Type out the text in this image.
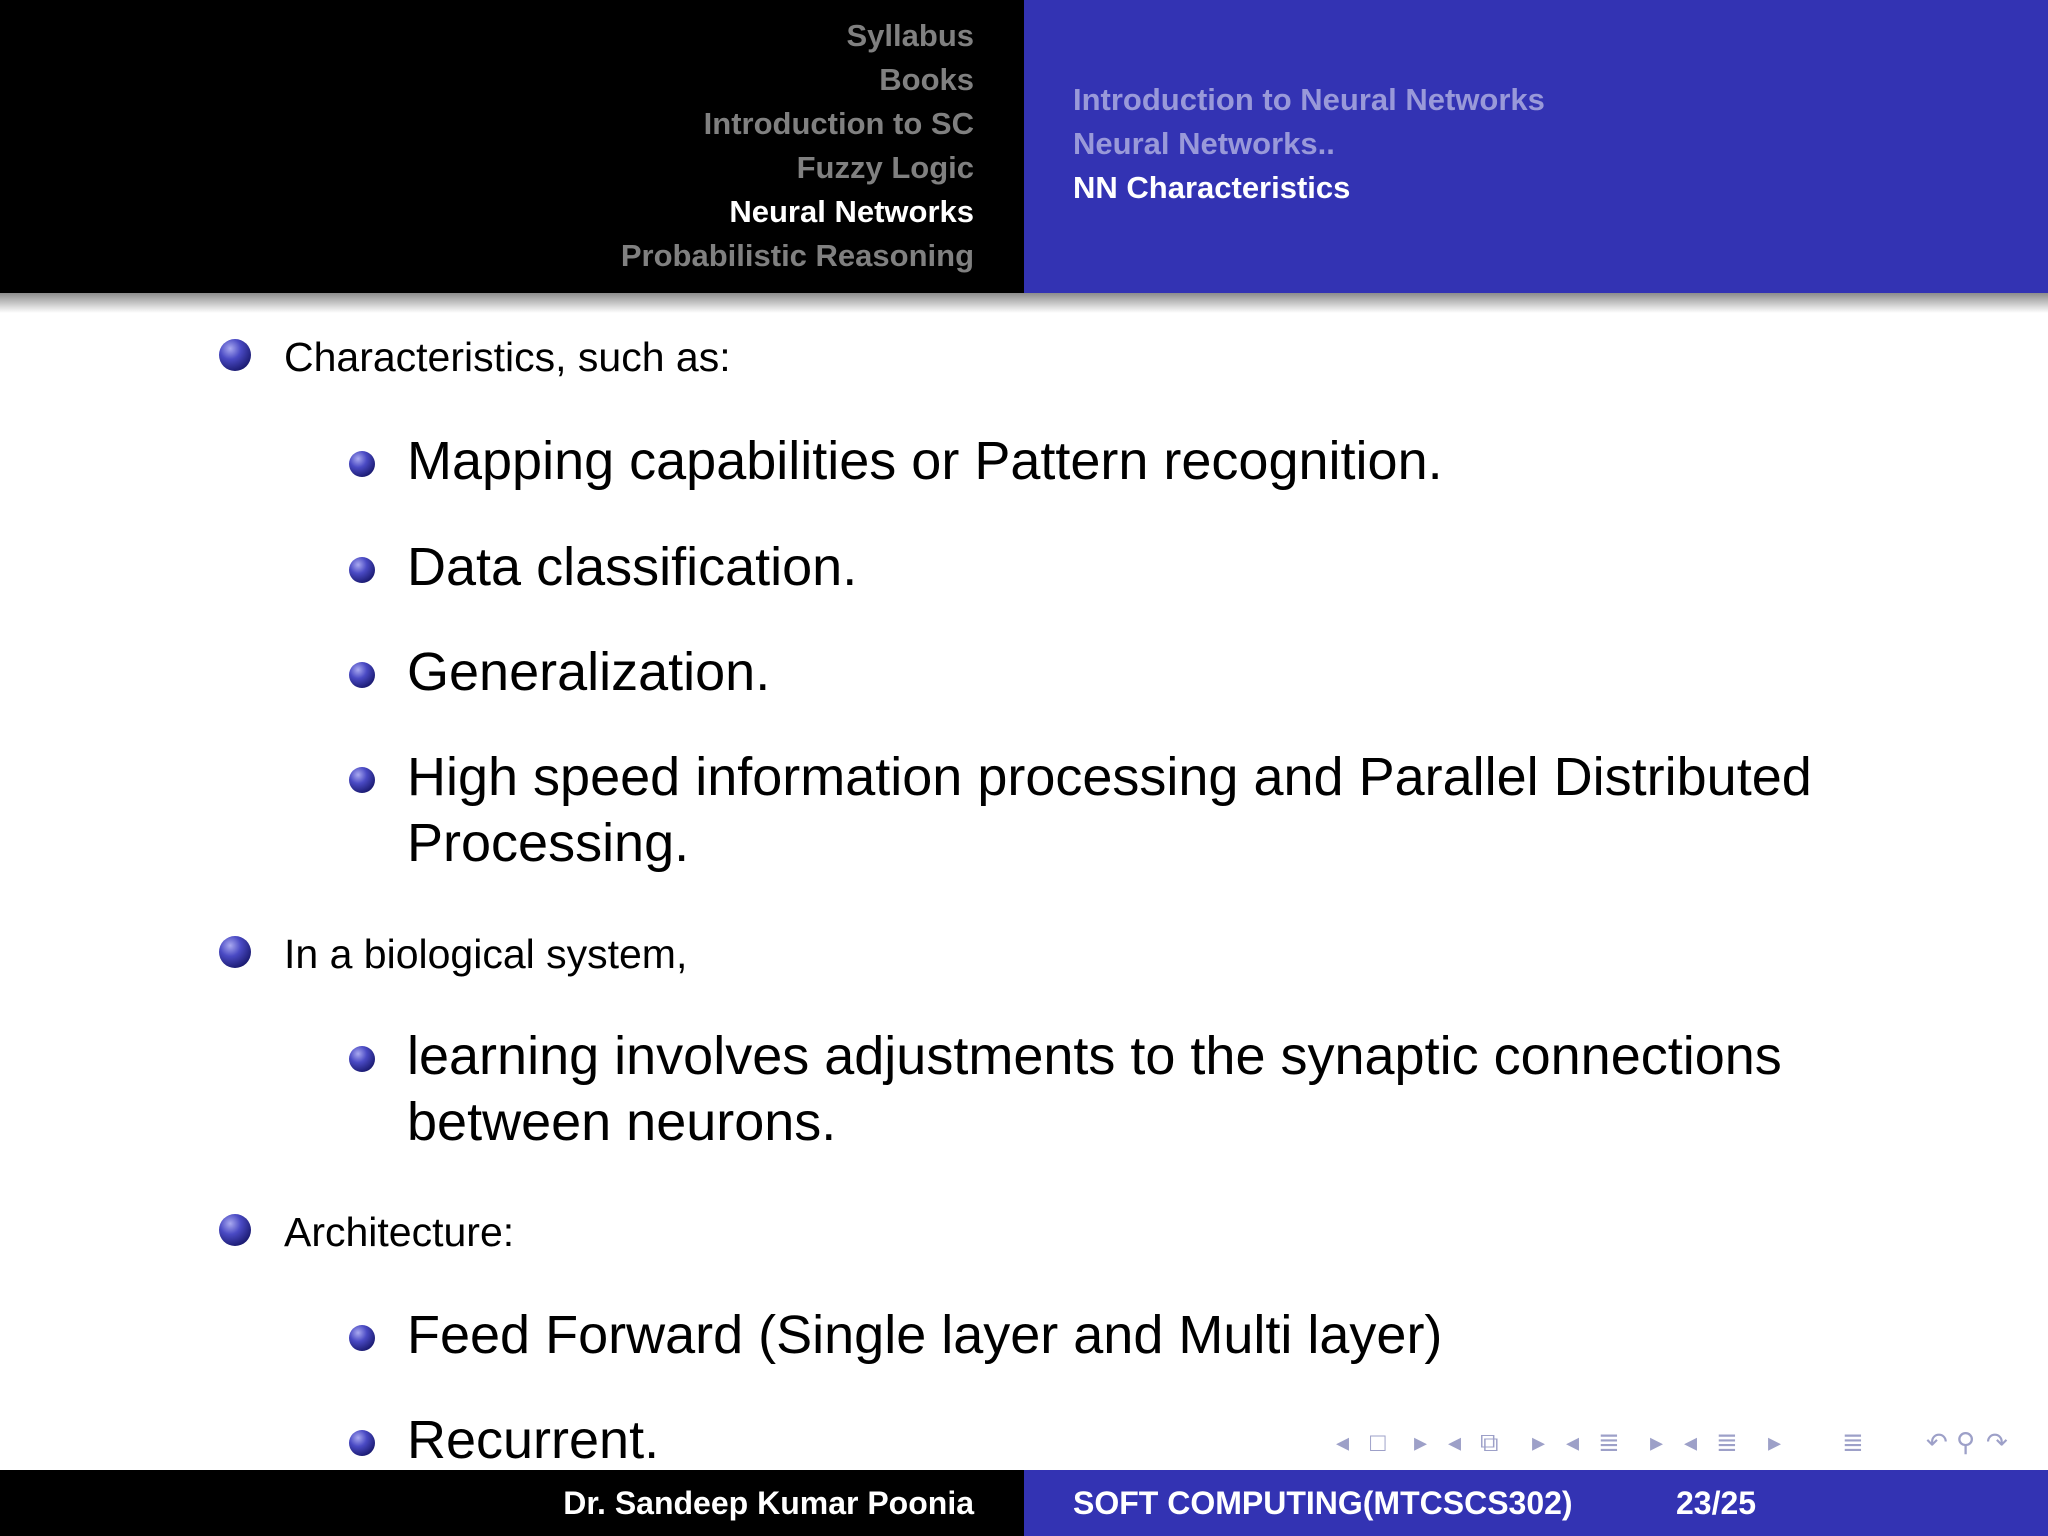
Syllabus
Books
Introduction to SC
Fuzzy Logic
Neural Networks
Probabilistic Reasoning
Introduction to Neural Networks
Neural Networks..
NN Characteristics
Characteristics, such as:
Mapping capabilities or Pattern recognition.
Data classification.
Generalization.
High speed information processing and Parallel Distributed
Processing.
In a biological system,
learning involves adjustments to the synaptic connections
between neurons.
Architecture:
Feed Forward (Single layer and Multi layer)
Recurrent.	◂ □ ▸ ◂ ⧉ ▸ ◂ ≣ ▸ ◂ ≣ ▸ ≣ ↶ ⚲ ↷
Dr. Sandeep Kumar Poonia	SOFT COMPUTING(MTCSCS302)	23/25
